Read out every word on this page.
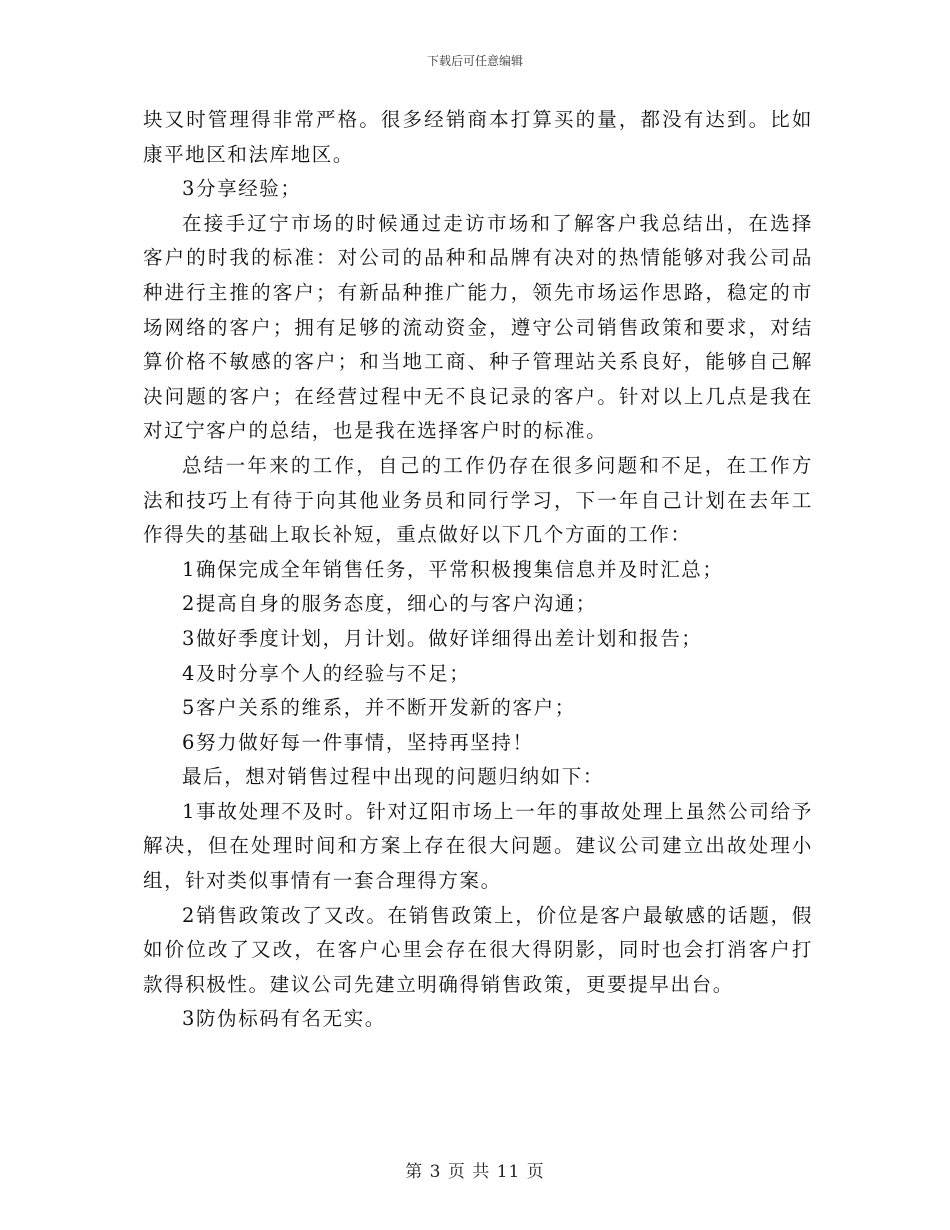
下载后可任意编辑

块又时管理得非常严格。很多经销商本打算买的量，都没有达到。比如康平地区和法库地区。

3分享经验；

在接手辽宁市场的时候通过走访市场和了解客户我总结出，在选择客户的时我的标准：对公司的品种和品牌有决对的热情能够对我公司品种进行主推的客户；有新品种推广能力，领先市场运作思路，稳定的市场网络的客户；拥有足够的流动资金，遵守公司销售政策和要求，对结算价格不敏感的客户；和当地工商、种子管理站关系良好，能够自己解决问题的客户；在经营过程中无不良记录的客户。针对以上几点是我在对辽宁客户的总结，也是我在选择客户时的标准。

总结一年来的工作，自己的工作仍存在很多问题和不足，在工作方法和技巧上有待于向其他业务员和同行学习，下一年自己计划在去年工作得失的基础上取长补短，重点做好以下几个方面的工作：

1确保完成全年销售任务，平常积极搜集信息并及时汇总；

2提高自身的服务态度，细心的与客户沟通；

3做好季度计划，月计划。做好详细得出差计划和报告；

4及时分享个人的经验与不足；

5客户关系的维系，并不断开发新的客户；

6努力做好每一件事情，坚持再坚持！

最后，想对销售过程中出现的问题归纳如下：

1事故处理不及时。针对辽阳市场上一年的事故处理上虽然公司给予解决，但在处理时间和方案上存在很大问题。建议公司建立出故处理小组，针对类似事情有一套合理得方案。

2销售政策改了又改。在销售政策上，价位是客户最敏感的话题，假如价位改了又改，在客户心里会存在很大得阴影，同时也会打消客户打款得积极性。建议公司先建立明确得销售政策，更要提早出台。

3防伪标码有名无实。

第 3 页 共 11 页
